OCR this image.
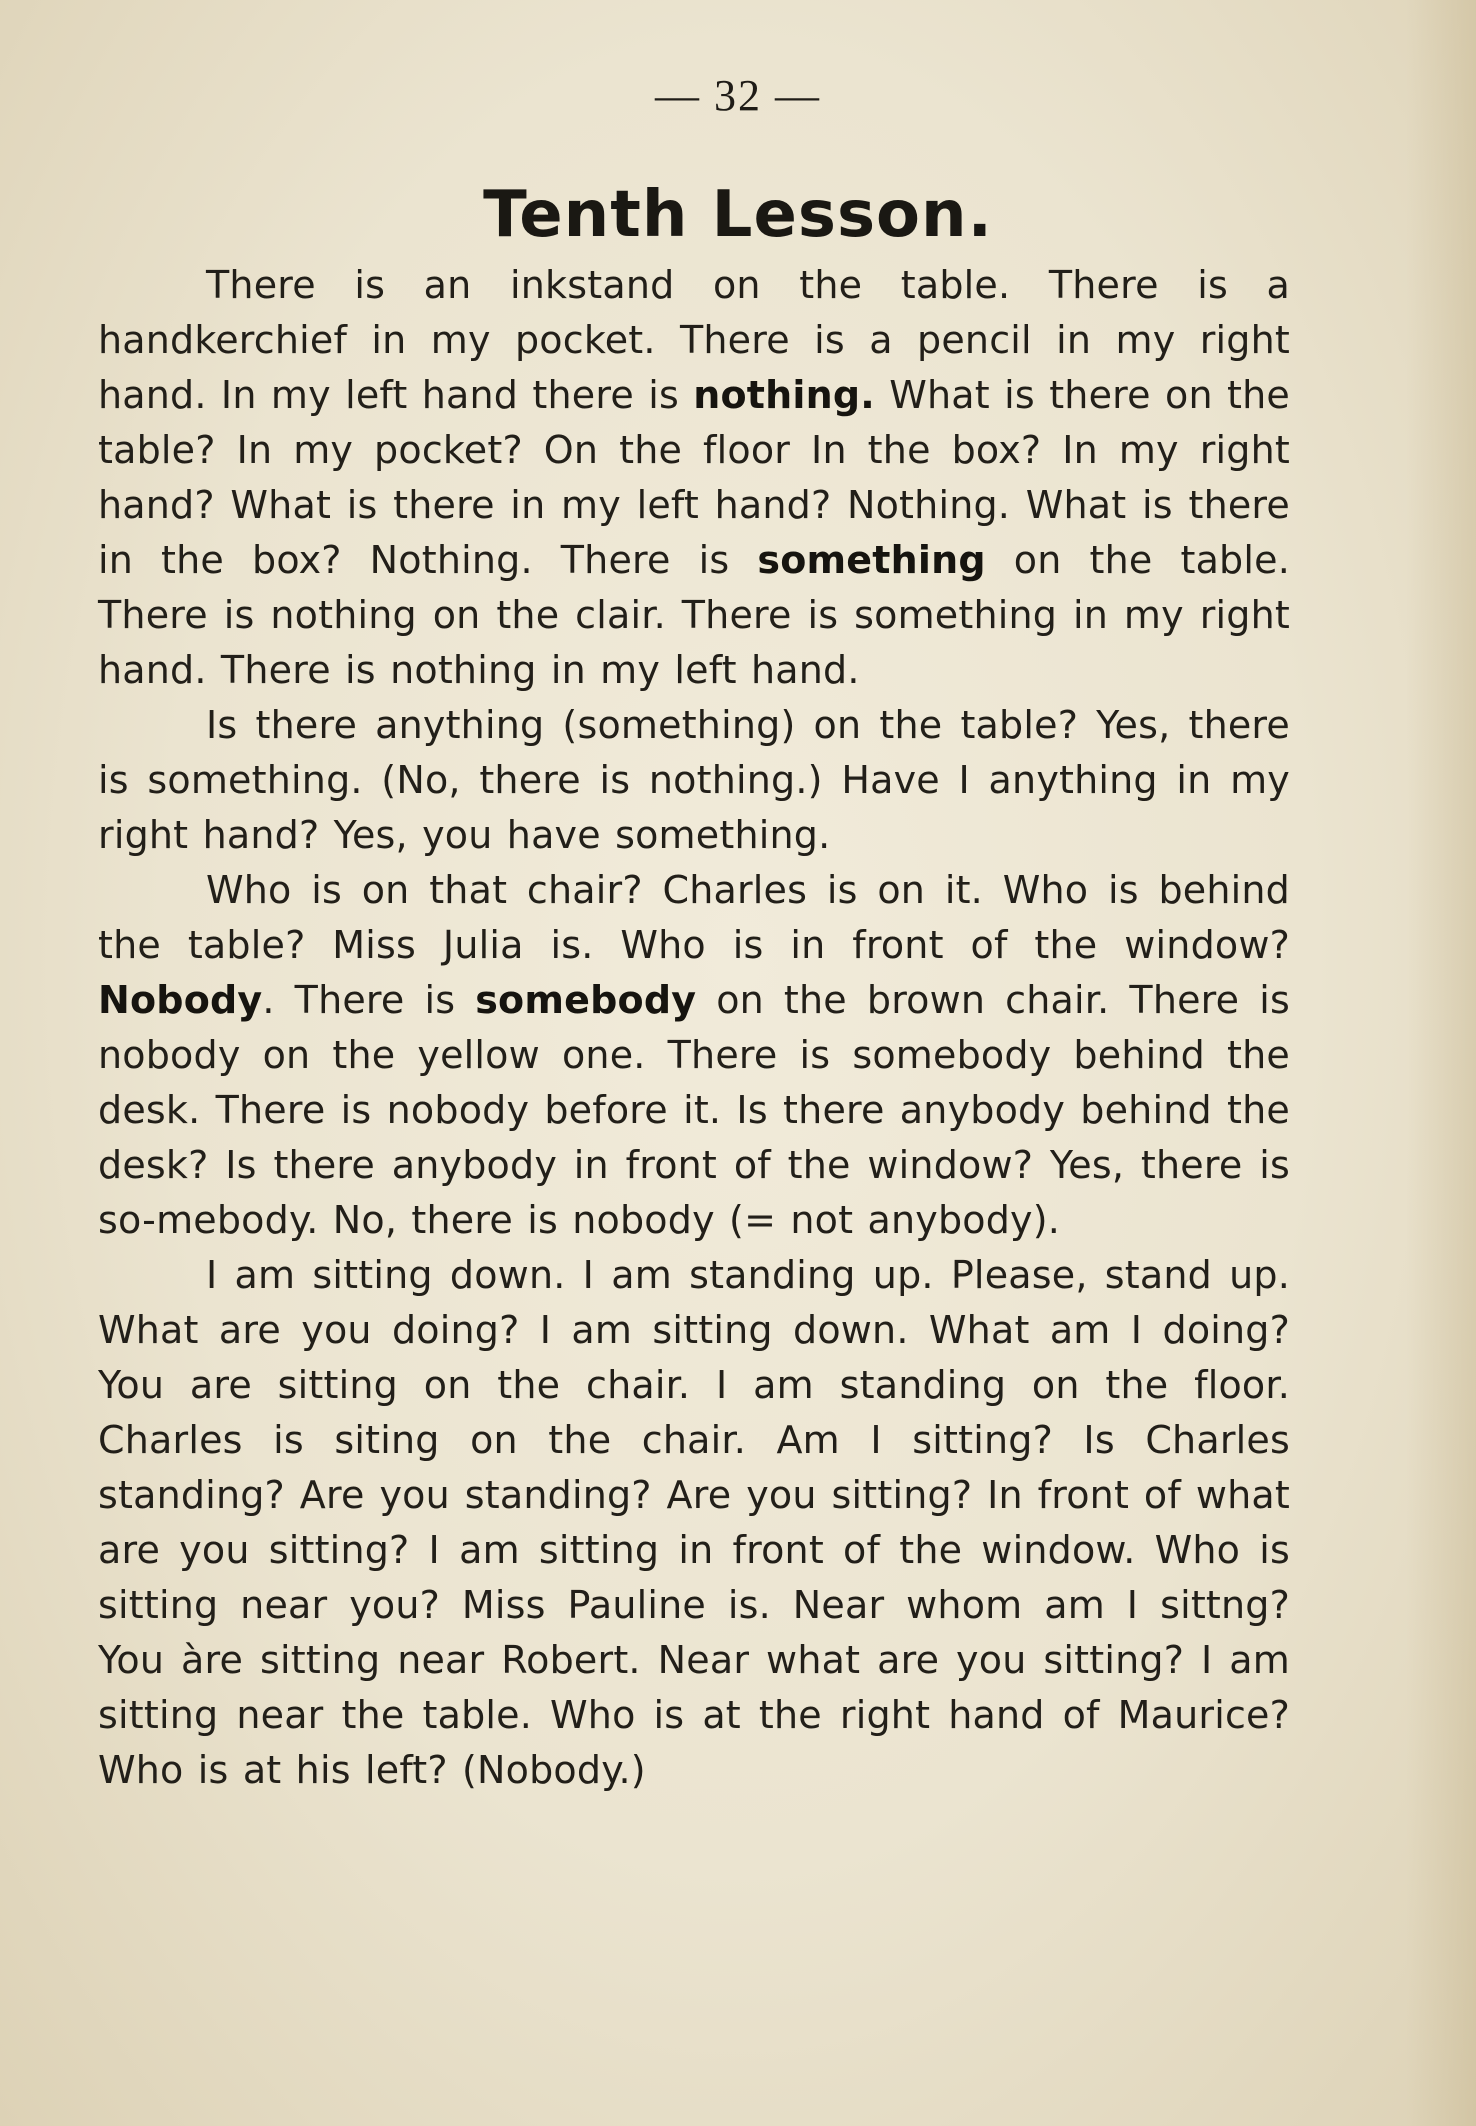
— 32 —
Tenth Lesson.

There is an inkstand on the table. There is a handkerchief in my pocket. There is a pencil in my right hand. In my left hand there is nothing. What is there on the table? In my pocket? On the floor In the box? In my right hand? What is there in my left hand? Nothing. What is there in the box? Nothing. There is something on the table. There is nothing on the clair. There is something in my right hand. There is nothing in my left hand.

Is there anything (something) on the table? Yes, there is something. (No, there is nothing.) Have I anything in my right hand? Yes, you have something.

Who is on that chair? Charles is on it. Who is behind the table? Miss Julia is. Who is in front of the window? Nobody. There is somebody on the brown chair. There is nobody on the yellow one. There is somebody behind the desk. There is nobody before it. Is there anybody behind the desk? Is there anybody in front of the window? Yes, there is so-mebody. No, there is nobody (= not anybody).

I am sitting down. I am standing up. Please, stand up. What are you doing? I am sitting down. What am I doing? You are sitting on the chair. I am standing on the floor. Charles is siting on the chair. Am I sitting? Is Charles standing? Are you standing? Are you sitting? In front of what are you sitting? I am sitting in front of the window. Who is sitting near you? Miss Pauline is. Near whom am I sittng? You àre sitting near Robert. Near what are you sitting? I am sitting near the table. Who is at the right hand of Maurice? Who is at his left? (Nobody.)
